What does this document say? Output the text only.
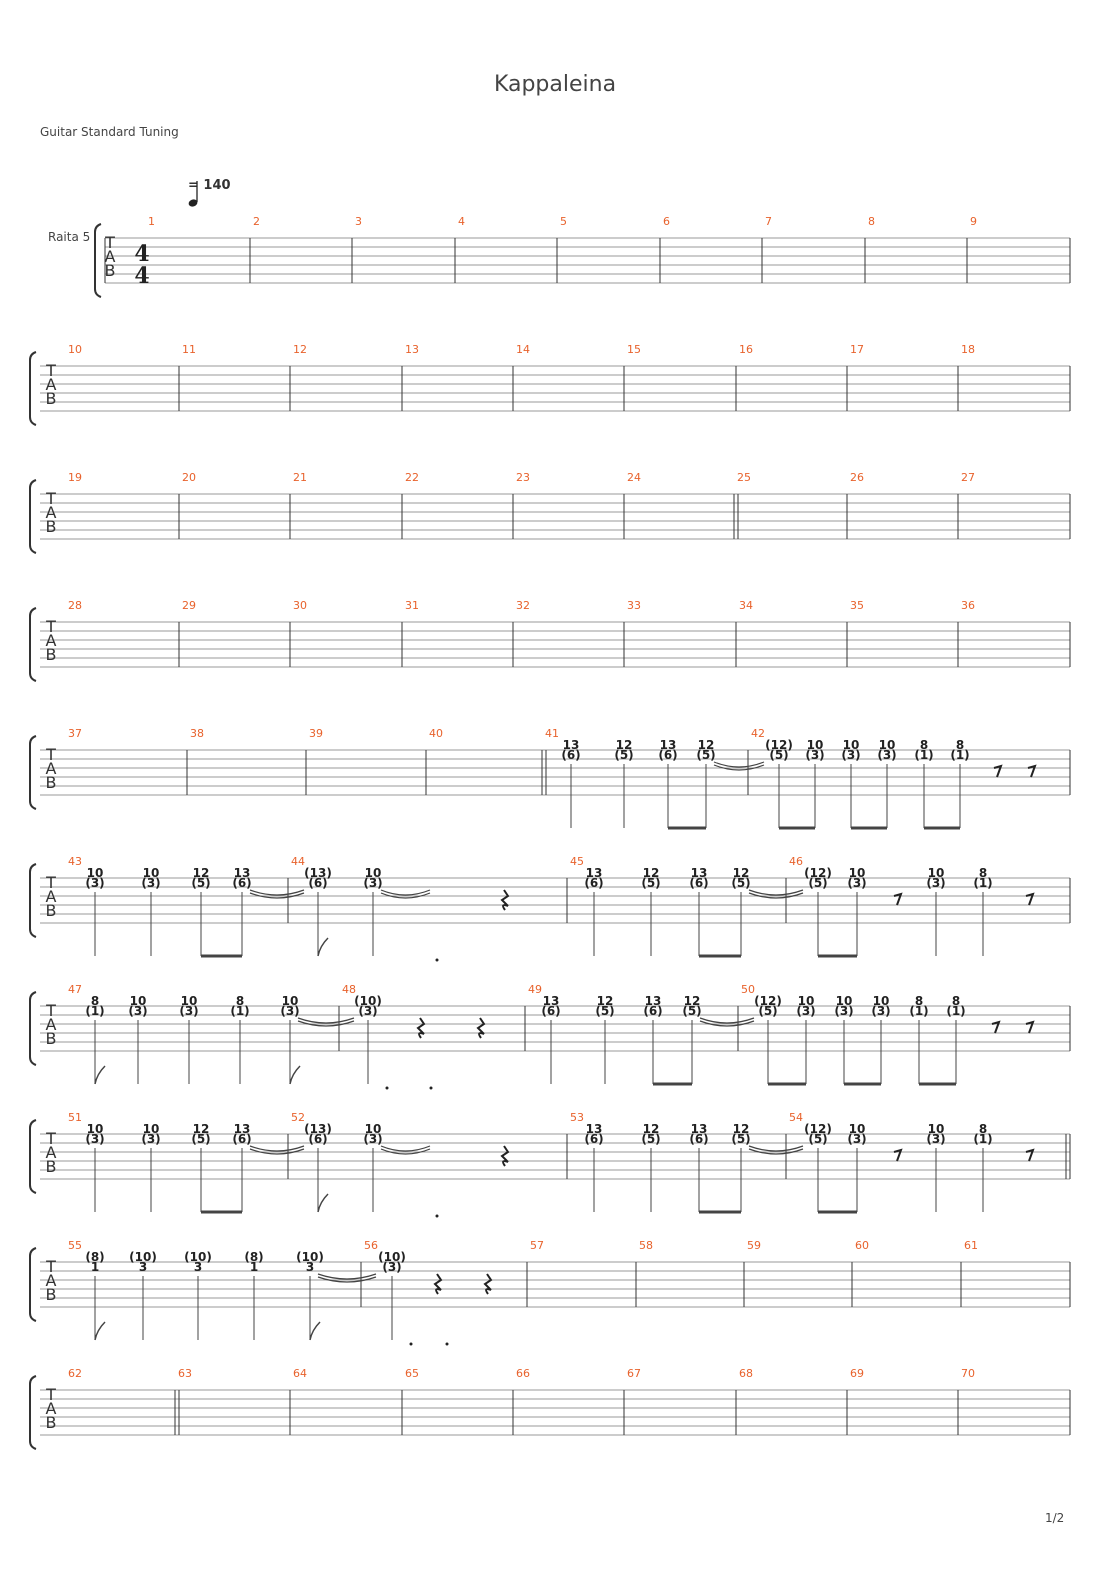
Kappaleina
Guitar Standard Tuning
= 140
Raita 5
1/2
T
A
B
1	2	3	4	5	6	7	8	9
T
A
B
10	11	12	13	14	15	16	17	18
T
A
B
19	20	21	22	23	24	25	26	27
T
A
B
28	29	30	31	32	33	34	35	36
T
A
B
37	38	39	40	41	42
T
A
B
43	44	45	46
T
A
B
47	48	49	50
T
A
B
51	52	53	54
T
A
B
55	56	57	58	59	60	61
T
A
B
62	63	64	65	66	67	68	69	70
4
4
13
(6)
12
(5)
13
(6)
12
(5)
(12)
(5)
10
(3)
10
(3)
10
(3)
8
(1)
8
(1)
10
(3)
10
(3)
12
(5)
13
(6)
(13)
(6)
10
(3)
13
(6)
12
(5)
13
(6)
12
(5)
(12)
(5)
10
(3)
10
(3)
8
(1)
8
(1)
10
(3)
10
(3)
8
(1)
10
(3)
(10)
(3)
13
(6)
12
(5)
13
(6)
12
(5)
(12)
(5)
10
(3)
10
(3)
10
(3)
8
(1)
8
(1)
10
(3)
10
(3)
12
(5)
13
(6)
(13)
(6)
10
(3)
13
(6)
12
(5)
13
(6)
12
(5)
(12)
(5)
10
(3)
10
(3)
8
(1)
(8)
1
(10)
3
(10)
3
(8)
1
(10)
3
(10)
(3)
